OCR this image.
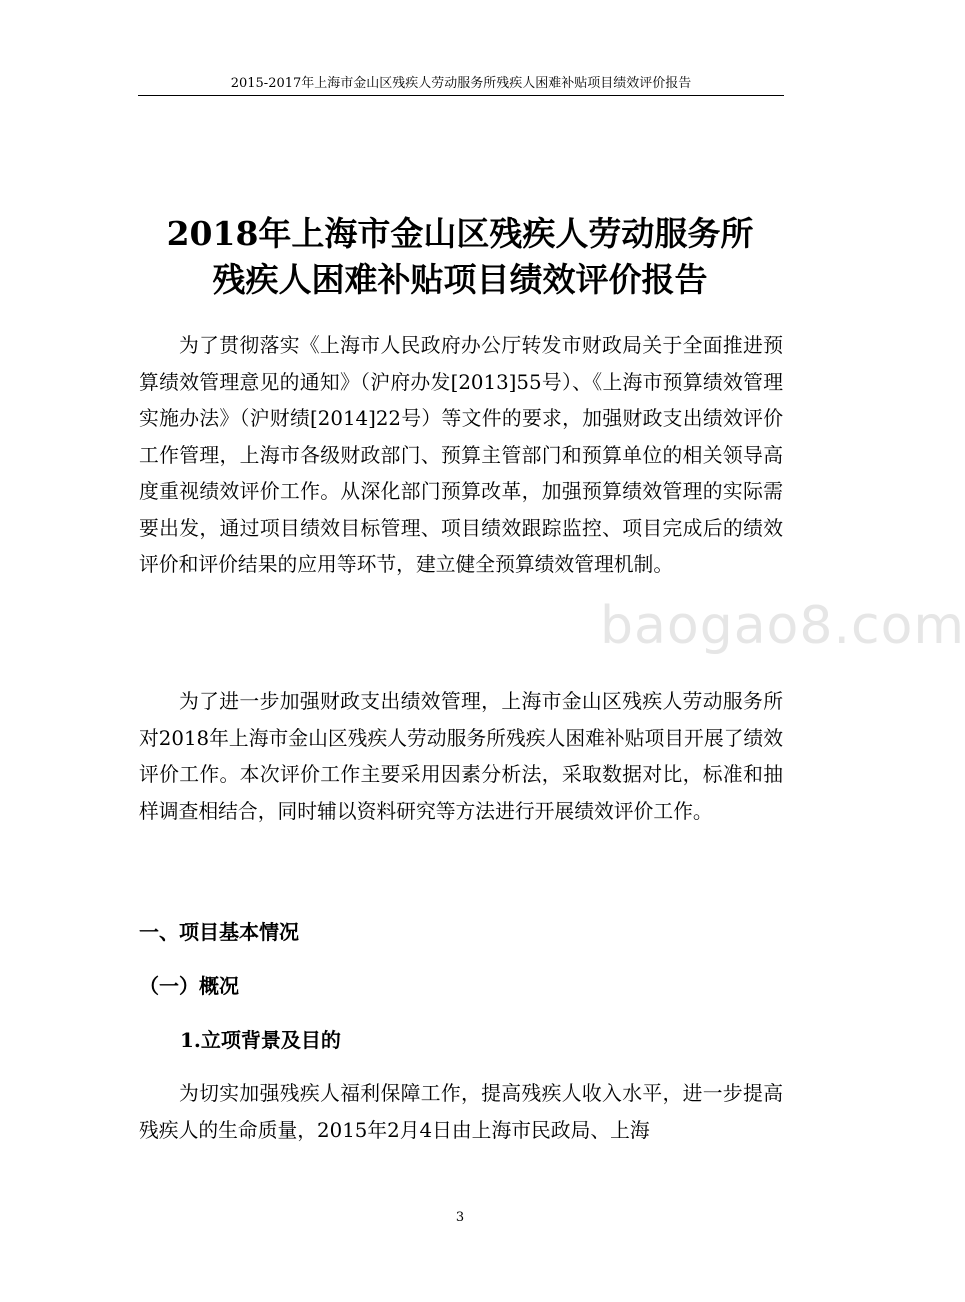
2015-2017年上海市金山区残疾人劳动服务所残疾人困难补贴项目绩效评价报告
baogao8.com
2018年上海市金山区残疾人劳动服务所
残疾人困难补贴项目绩效评价报告

为了贯彻落实《上海市人民政府办公厅转发市财政局关于全面推进预算绩效管理意见的通知》（沪府办发[2013]55号）、《上海市预算绩效管理实施办法》（沪财绩[2014]22号）等文件的要求，加强财政支出绩效评价工作管理，上海市各级财政部门、预算主管部门和预算单位的相关领导高度重视绩效评价工作。从深化部门预算改革，加强预算绩效管理的实际需要出发，通过项目绩效目标管理、项目绩效跟踪监控、项目完成后的绩效评价和评价结果的应用等环节，建立健全预算绩效管理机制。

为了进一步加强财政支出绩效管理，上海市金山区残疾人劳动服务所对2018年上海市金山区残疾人劳动服务所残疾人困难补贴项目开展了绩效评价工作。本次评价工作主要采用因素分析法，采取数据对比，标准和抽样调查相结合，同时辅以资料研究等方法进行开展绩效评价工作。

一、项目基本情况
（一）概况
1.立项背景及目的

为切实加强残疾人福利保障工作，提高残疾人收入水平，进一步提高残疾人的生命质量，2015年2月4日由上海市民政局、上海

3
